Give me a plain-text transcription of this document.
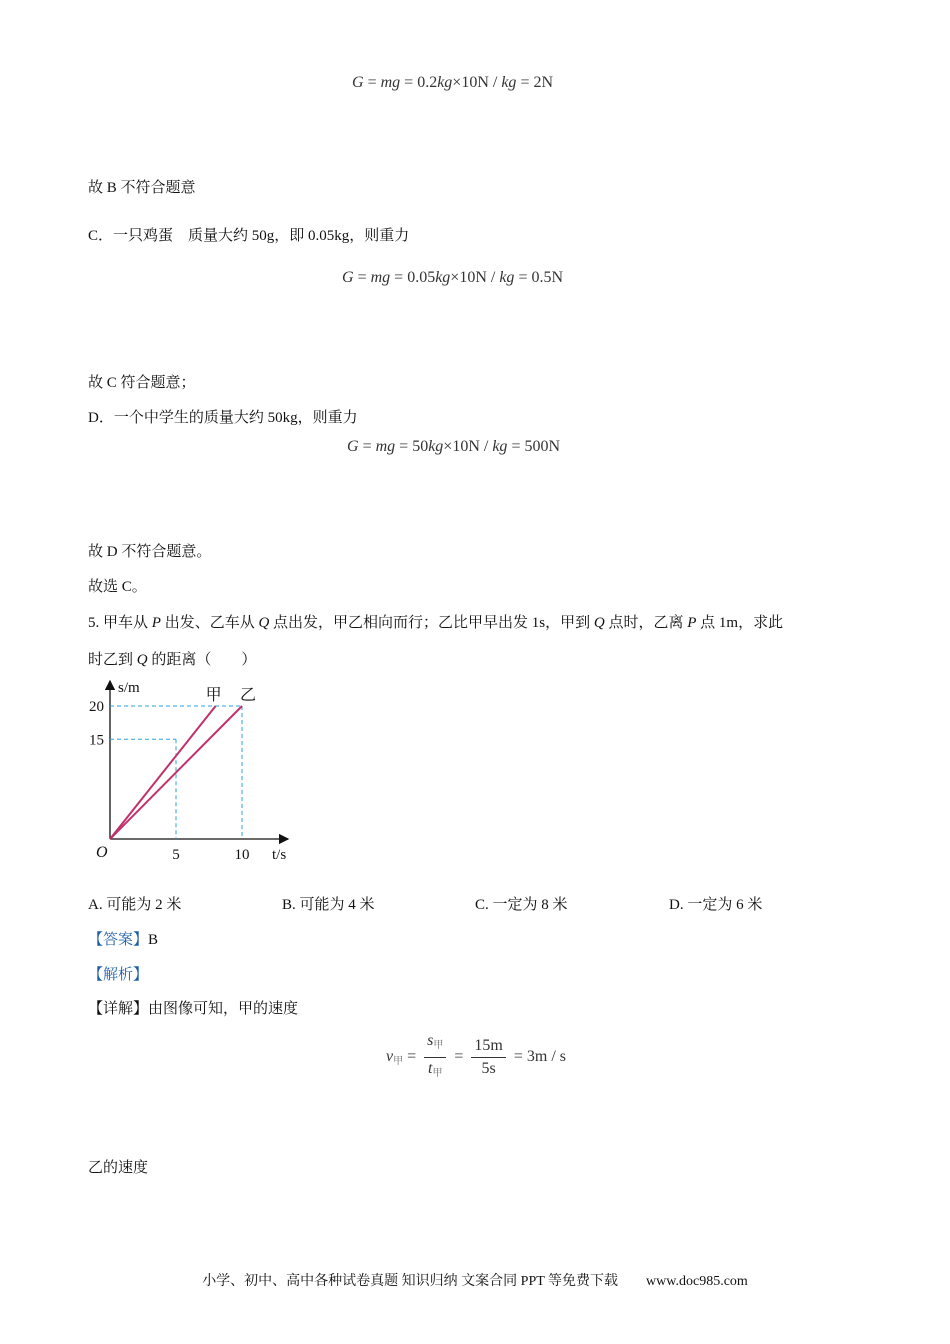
G = mg = 0.2kg×10N / kg = 2N
故 B 不符合题意
C．一只鸡蛋　质量大约 50g，即 0.05kg，则重力
G = mg = 0.05kg×10N / kg = 0.5N
故 C 符合题意；
D．一个中学生的质量大约 50kg，则重力
G = mg = 50kg×10N / kg = 500N
故 D 不符合题意。
故选 C。
5. 甲车从 P 出发、乙车从 Q 点出发，甲乙相向而行；乙比甲早出发 1s，甲到 Q 点时，乙离 P 点 1m，求此
时乙到 Q 的距离（　　）
甲 乙
5	10
15
20
O	t/s
s/m
A. 可能为 2 米	B. 可能为 4 米	C. 一定为 8 米	D. 一定为 6 米
【答案】B
【解析】
【详解】由图像可知，甲的速度
$v_甲 = \frac{s_甲}{t_甲} = \frac{15m}{5s} = 3m / s$
乙的速度
小学、初中、高中各种试卷真题 知识归纳 文案合同 PPT 等免费下载　　www.doc985.com
